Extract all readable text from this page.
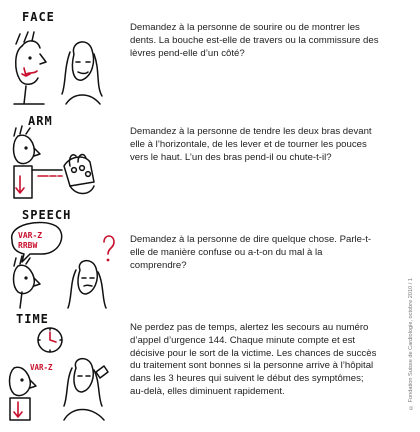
FACE
Demandez à la personne de sourire ou de montrer les dents. La bouche est-elle de travers ou la commissure des lèvres pend-elle d’un côté?
ARM
Demandez à la personne de tendre les deux bras devant elle à l’horizontale, de les lever et de tourner les pouces vers le haut. L’un des bras pend-il ou chute-t-il?
SPEECH
VAR-Z
RRBW
Demandez à la personne de dire quelque chose. Parle-t-elle de manière confuse ou a-t-on du mal à la comprendre?
TIME
VAR-Z
Ne perdez pas de temps, alertez les secours au numéro d’appel d’urgence 144. Chaque minute compte et est décisive pour le sort de la victime. Les chances de succès du traitement sont bonnes si la personne arrive à l’hôpital dans les 3 heures qui suivent le début des symptômes; au-delà, elles diminuent rapidement.	© Fondation Suisse de Cardiologie, octobre 2010 / 1
